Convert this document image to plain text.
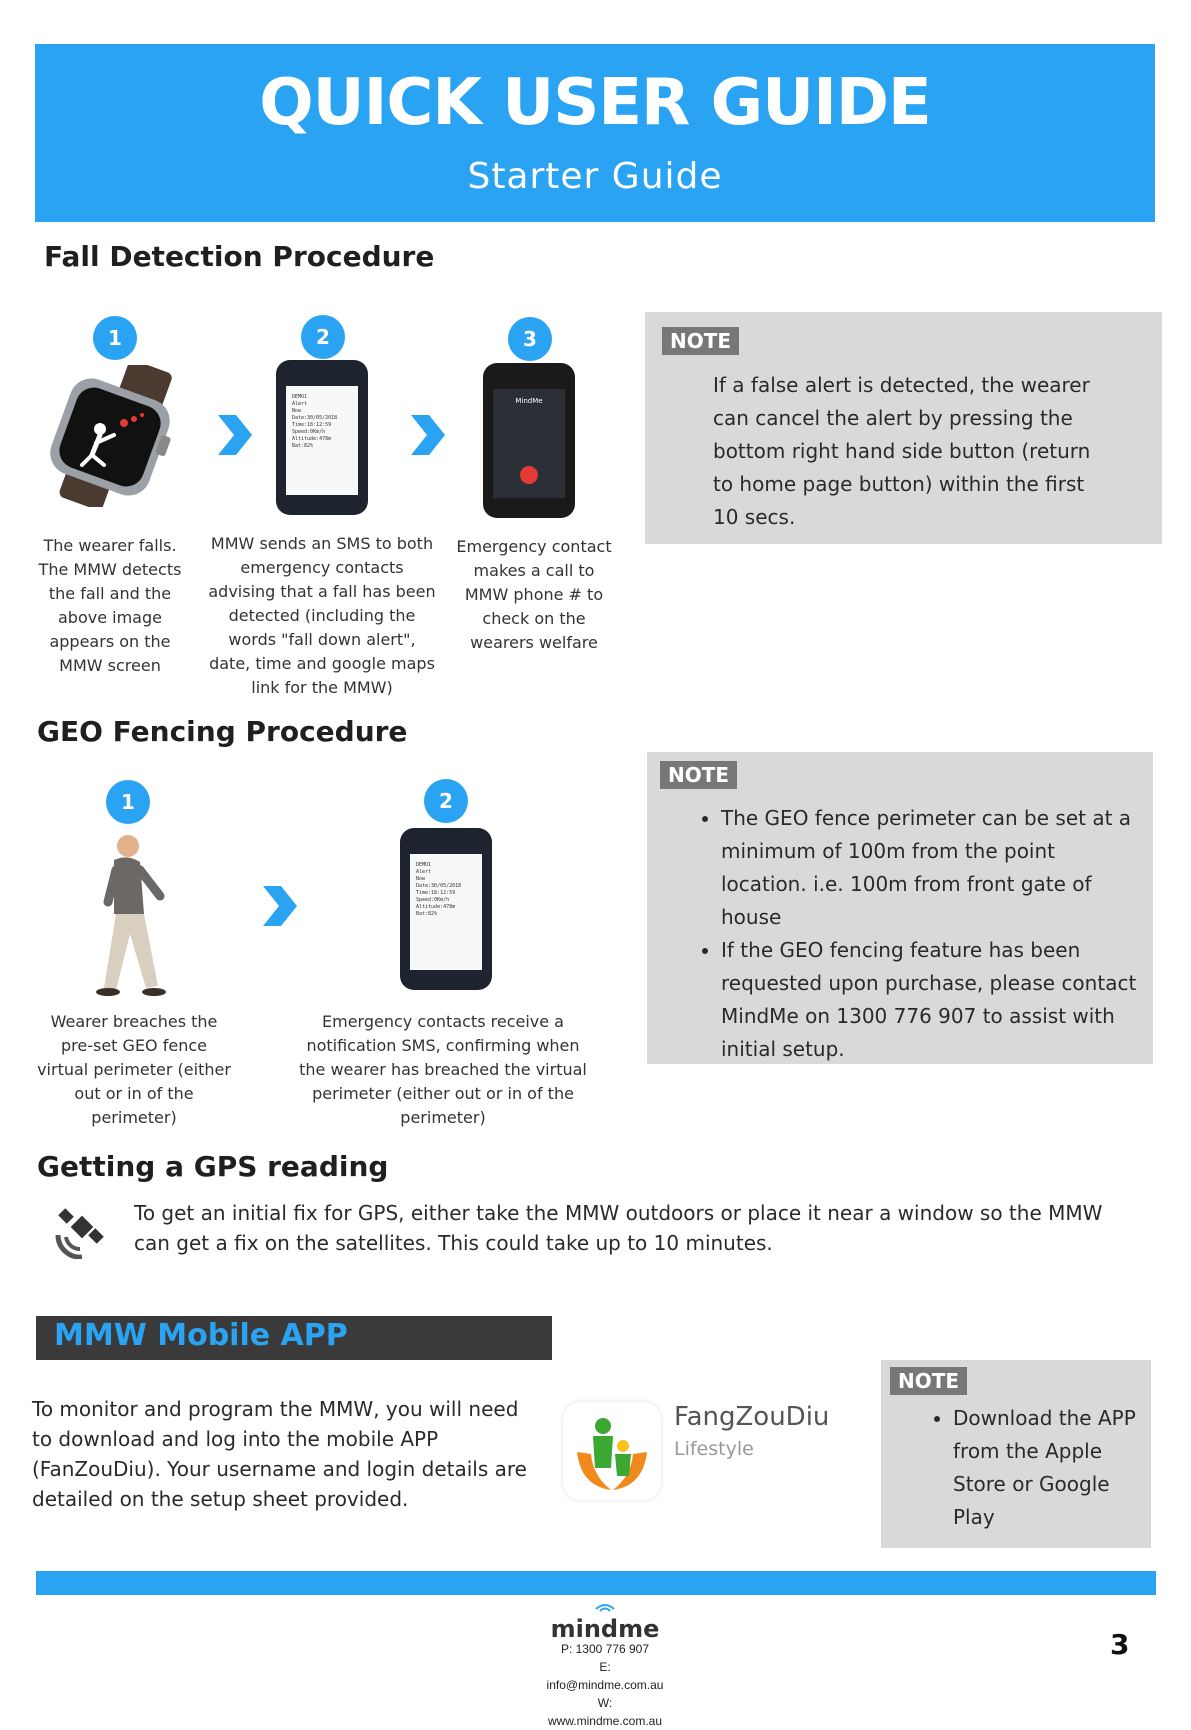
QUICK USER GUIDE
Starter Guide
Fall Detection Procedure
1	2	3
DEMO1
Alert
Now
Date:30/05/2018
Time:18:12:59
Speed:0Km/h
Altitude:478m
Bat:82%
MindMe
The wearer falls. The MMW detects the fall and the above image appears on the MMW screen
MMW sends an SMS to both emergency contacts advising that a fall has been detected (including the words "fall down alert", date, time and google maps link for the MMW)
Emergency contact makes a call to MMW phone # to check on the wearers welfare
NOTE
If a false alert is detected, the wearer can cancel the alert by pressing the bottom right hand side button (return to home page button) within the first 10 secs.
GEO Fencing Procedure
1	2
DEMO1
Alert
Now
Date:30/05/2018
Time:18:12:59
Speed:0Km/h
Altitude:478m
Bat:82%
Wearer breaches the pre-set GEO fence virtual perimeter (either out or in of the perimeter)
Emergency contacts receive a notification SMS, confirming when the wearer has breached the virtual perimeter (either out or in of the perimeter)
NOTE
• The GEO fence perimeter can be set at a minimum of 100m from the point location. i.e. 100m from front gate of house
• If the GEO fencing feature has been requested upon purchase, please contact MindMe on 1300 776 907 to assist with initial setup.
Getting a GPS reading
To get an initial fix for GPS, either take the MMW outdoors or place it near a window so the MMW can get a fix on the satellites. This could take up to 10 minutes.
MMW Mobile APP
To monitor and program the MMW, you will need to download and log into the mobile APP (FanZouDiu). Your username and login details are detailed on the setup sheet provided.
FangZouDiu
Lifestyle
NOTE
• Download the APP from the Apple Store or Google Play
mindme
P: 1300 776 907
E: info@mindme.com.au
W: www.mindme.com.au
3
